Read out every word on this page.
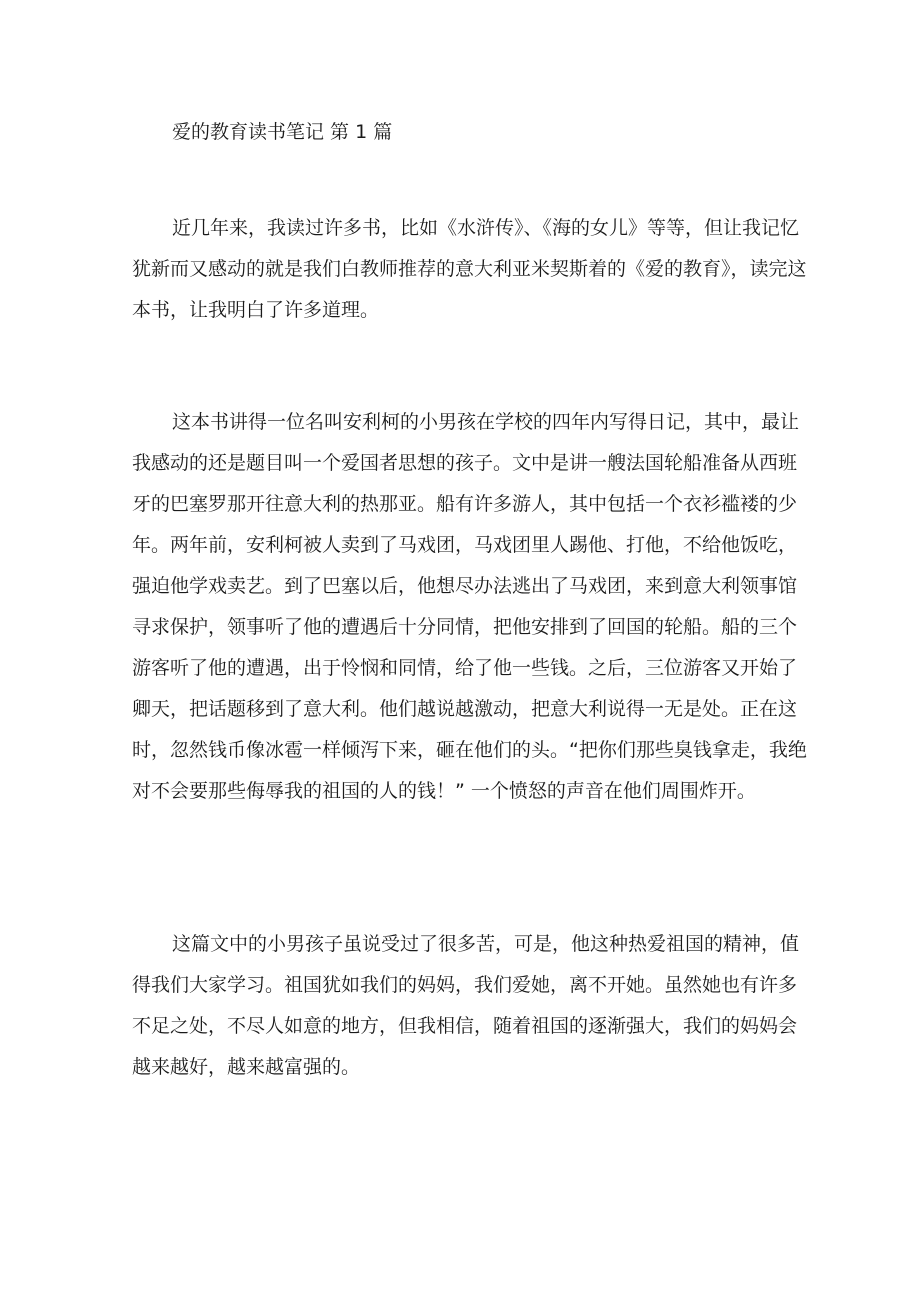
爱的教育读书笔记 第 1 篇
近几年来，我读过许多书，比如《水浒传》、《海的女儿》等等，但让我记忆
犹新而又感动的就是我们白教师推荐的意大利亚米契斯着的《爱的教育》，读完这
本书，让我明白了许多道理。
这本书讲得一位名叫安利柯的小男孩在学校的四年内写得日记，其中，最让
我感动的还是题目叫一个爱国者思想的孩子。文中是讲一艘法国轮船准备从西班
牙的巴塞罗那开往意大利的热那亚。船有许多游人，其中包括一个衣衫褴褛的少
年。两年前，安利柯被人卖到了马戏团，马戏团里人踢他、打他，不给他饭吃，
强迫他学戏卖艺。到了巴塞以后，他想尽办法逃出了马戏团，来到意大利领事馆
寻求保护，领事听了他的遭遇后十分同情，把他安排到了回国的轮船。船的三个
游客听了他的遭遇，出于怜悯和同情，给了他一些钱。之后，三位游客又开始了
卿天，把话题移到了意大利。他们越说越激动，把意大利说得一无是处。正在这
时，忽然钱币像冰雹一样倾泻下来，砸在他们的头。“把你们那些臭钱拿走，我绝
对不会要那些侮辱我的祖国的人的钱！” 一个愤怒的声音在他们周围炸开。
这篇文中的小男孩子虽说受过了很多苦，可是，他这种热爱祖国的精神，值
得我们大家学习。祖国犹如我们的妈妈，我们爱她，离不开她。虽然她也有许多
不足之处，不尽人如意的地方，但我相信，随着祖国的逐渐强大，我们的妈妈会
越来越好，越来越富强的。
